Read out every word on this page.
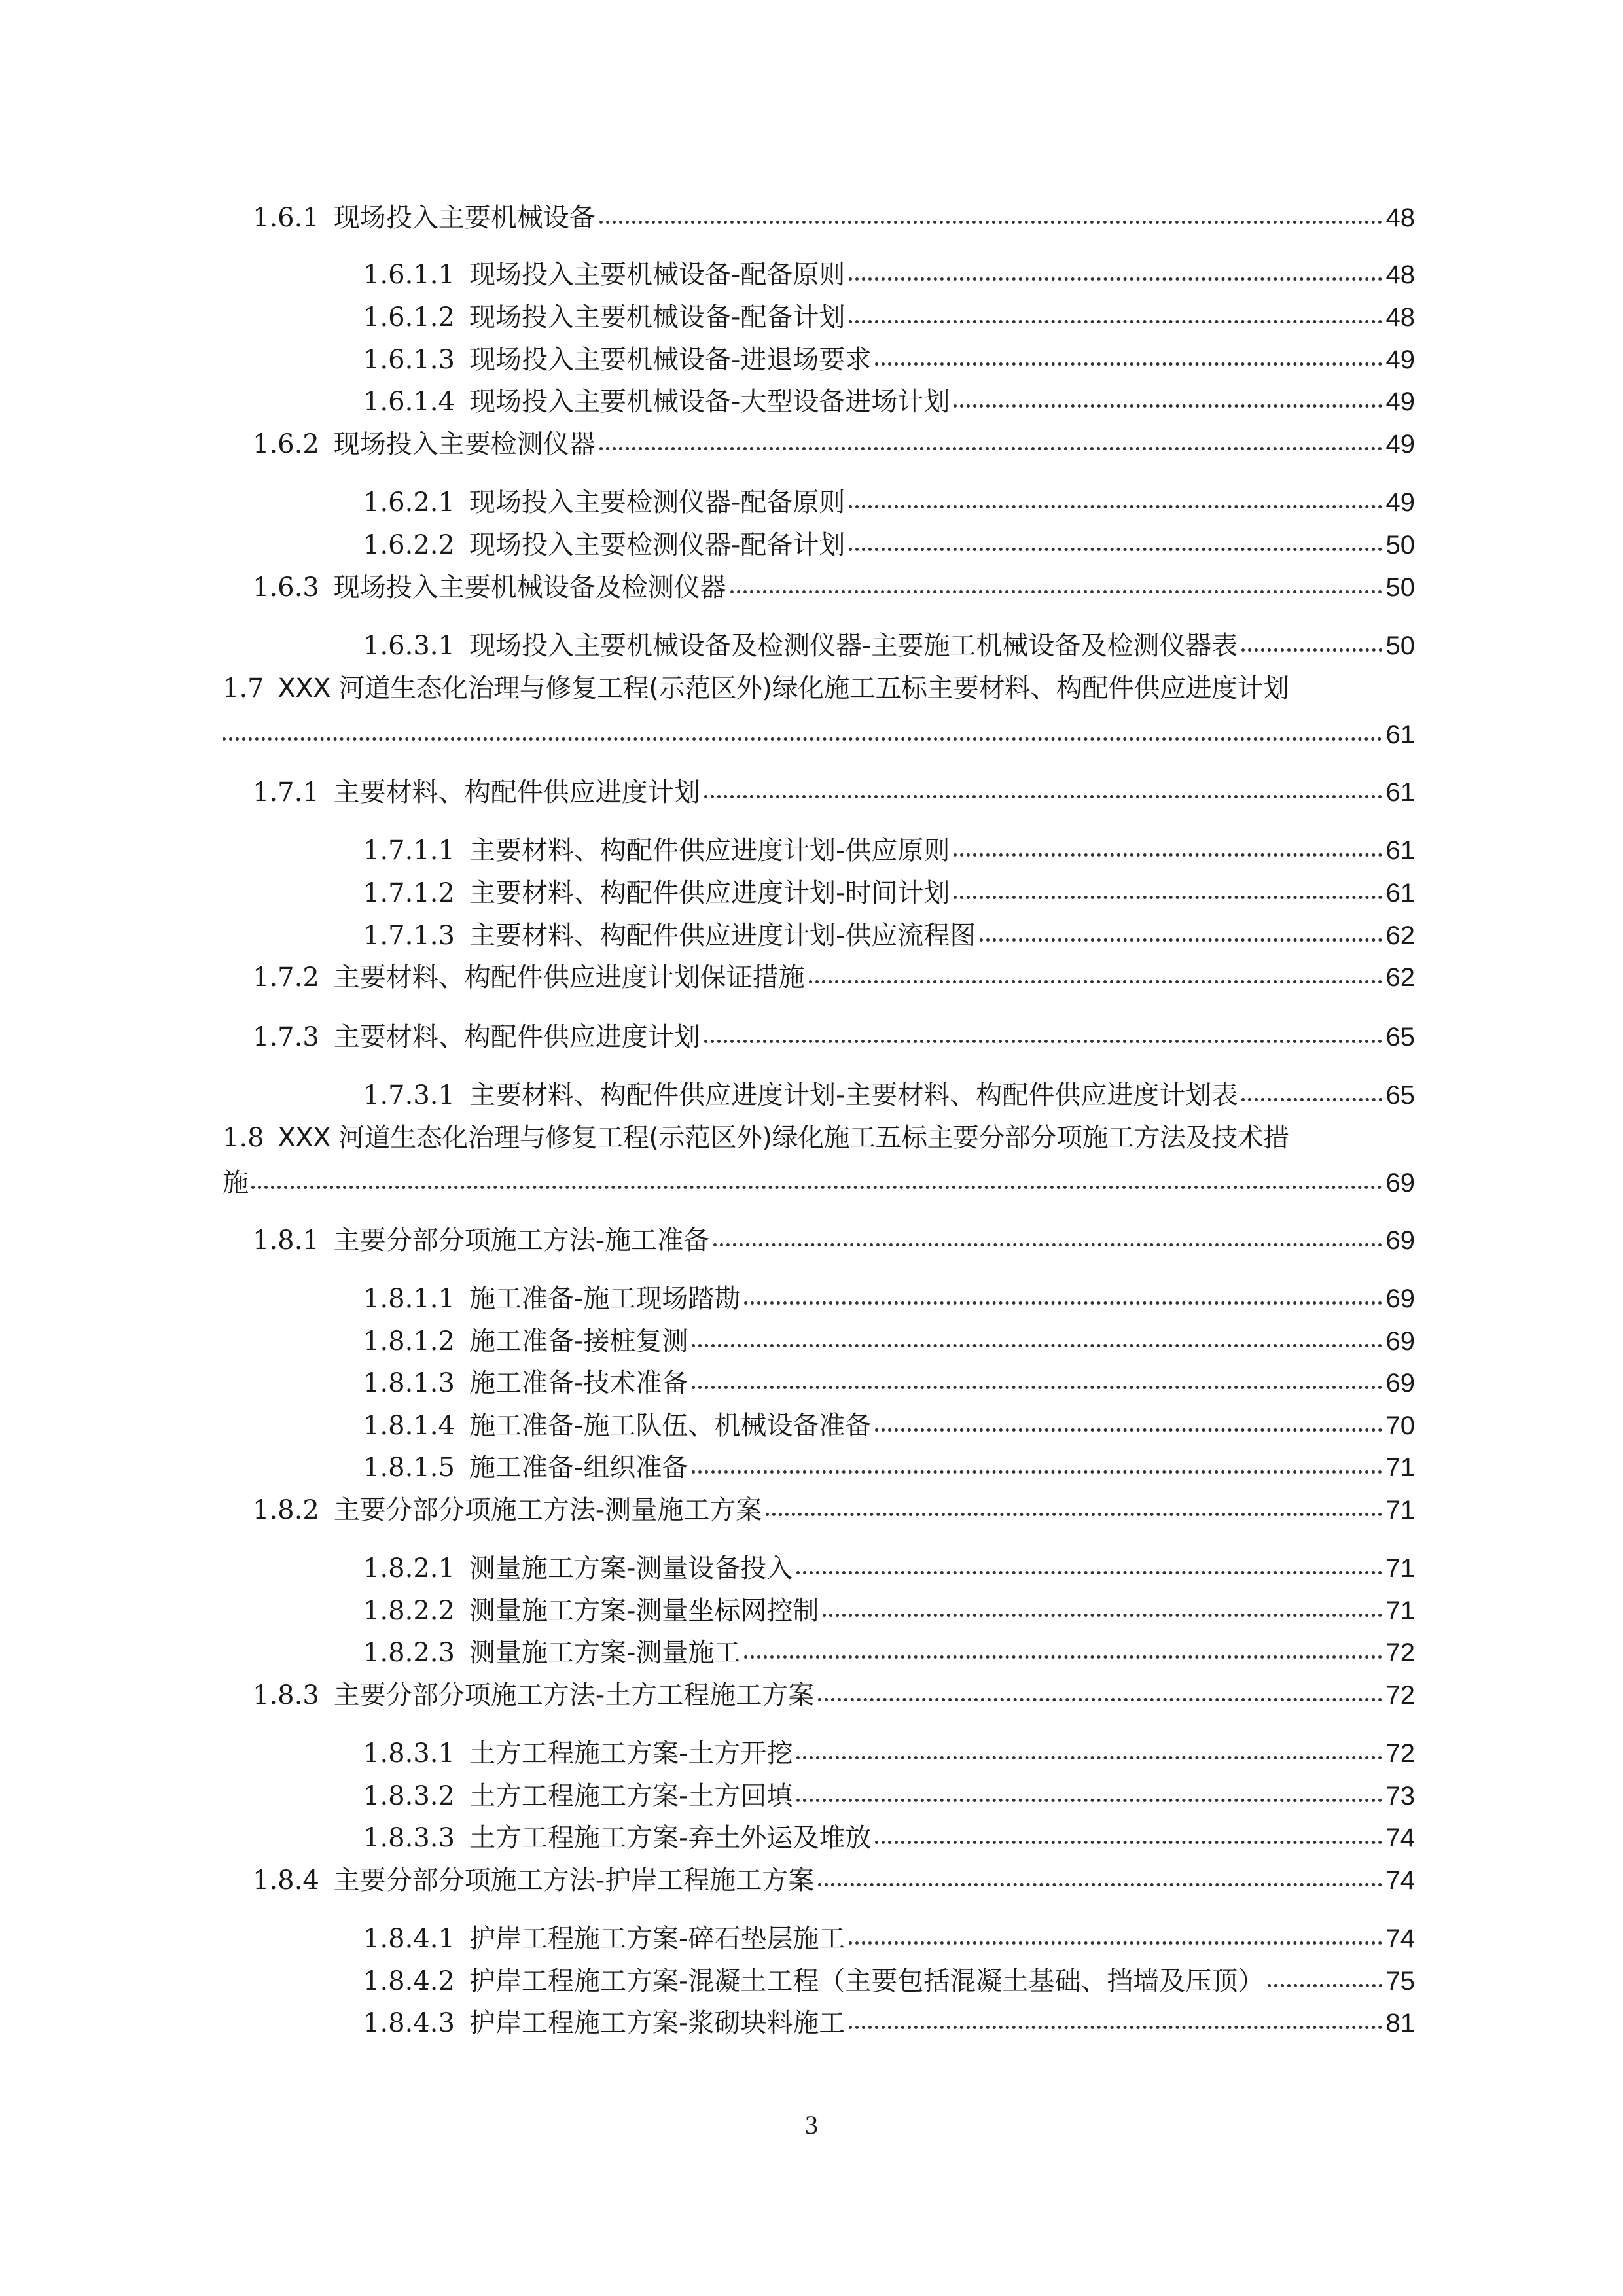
1.6.1 现场投入主要机械设备	48
1.6.1.1 现场投入主要机械设备-配备原则	48
1.6.1.2 现场投入主要机械设备-配备计划	48
1.6.1.3 现场投入主要机械设备-进退场要求	49
1.6.1.4 现场投入主要机械设备-大型设备进场计划	49
1.6.2 现场投入主要检测仪器	49
1.6.2.1 现场投入主要检测仪器-配备原则	49
1.6.2.2 现场投入主要检测仪器-配备计划	50
1.6.3 现场投入主要机械设备及检测仪器	50
1.6.3.1 现场投入主要机械设备及检测仪器-主要施工机械设备及检测仪器表	50
1.7 XXX 河道生态化治理与修复工程(示范区外)绿化施工五标主要材料、构配件供应进度计划
61
1.7.1 主要材料、构配件供应进度计划	61
1.7.1.1 主要材料、构配件供应进度计划-供应原则	61
1.7.1.2 主要材料、构配件供应进度计划-时间计划	61
1.7.1.3 主要材料、构配件供应进度计划-供应流程图	62
1.7.2 主要材料、构配件供应进度计划保证措施	62
1.7.3 主要材料、构配件供应进度计划	65
1.7.3.1 主要材料、构配件供应进度计划-主要材料、构配件供应进度计划表	65
1.8 XXX 河道生态化治理与修复工程(示范区外)绿化施工五标主要分部分项施工方法及技术措
施	69
1.8.1 主要分部分项施工方法-施工准备	69
1.8.1.1 施工准备-施工现场踏勘	69
1.8.1.2 施工准备-接桩复测	69
1.8.1.3 施工准备-技术准备	69
1.8.1.4 施工准备-施工队伍、机械设备准备	70
1.8.1.5 施工准备-组织准备	71
1.8.2 主要分部分项施工方法-测量施工方案	71
1.8.2.1 测量施工方案-测量设备投入	71
1.8.2.2 测量施工方案-测量坐标网控制	71
1.8.2.3 测量施工方案-测量施工	72
1.8.3 主要分部分项施工方法-土方工程施工方案	72
1.8.3.1 土方工程施工方案-土方开挖	72
1.8.3.2 土方工程施工方案-土方回填	73
1.8.3.3 土方工程施工方案-弃土外运及堆放	74
1.8.4 主要分部分项施工方法-护岸工程施工方案	74
1.8.4.1 护岸工程施工方案-碎石垫层施工	74
1.8.4.2 护岸工程施工方案-混凝土工程（主要包括混凝土基础、挡墙及压顶）	75
1.8.4.3 护岸工程施工方案-浆砌块料施工	81
3
